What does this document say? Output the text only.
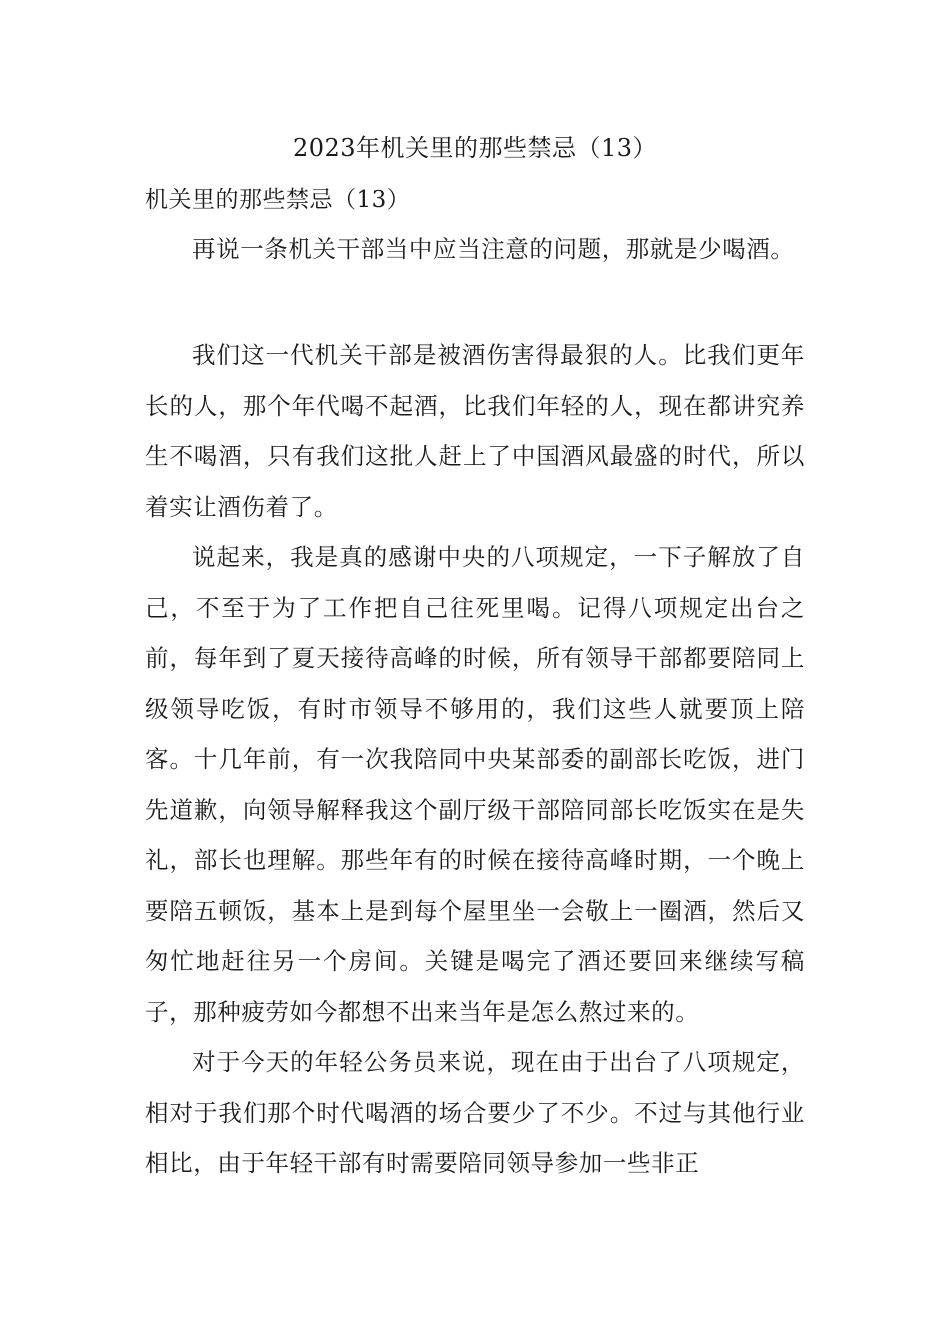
2023年机关里的那些禁忌（13）
机关里的那些禁忌（13）

再说一条机关干部当中应当注意的问题，那就是少喝酒。

我们这一代机关干部是被酒伤害得最狠的人。比我们更年长的人，那个年代喝不起酒，比我们年轻的人，现在都讲究养生不喝酒，只有我们这批人赶上了中国酒风最盛的时代，所以着实让酒伤着了。

说起来，我是真的感谢中央的八项规定，一下子解放了自己，不至于为了工作把自己往死里喝。记得八项规定出台之前，每年到了夏天接待高峰的时候，所有领导干部都要陪同上级领导吃饭，有时市领导不够用的，我们这些人就要顶上陪客。十几年前，有一次我陪同中央某部委的副部长吃饭，进门先道歉，向领导解释我这个副厅级干部陪同部长吃饭实在是失礼，部长也理解。那些年有的时候在接待高峰时期，一个晚上要陪五顿饭，基本上是到每个屋里坐一会敬上一圈酒，然后又匆忙地赶往另一个房间。关键是喝完了酒还要回来继续写稿子，那种疲劳如今都想不出来当年是怎么熬过来的。

对于今天的年轻公务员来说，现在由于出台了八项规定，相对于我们那个时代喝酒的场合要少了不少。不过与其他行业相比，由于年轻干部有时需要陪同领导参加一些非正
